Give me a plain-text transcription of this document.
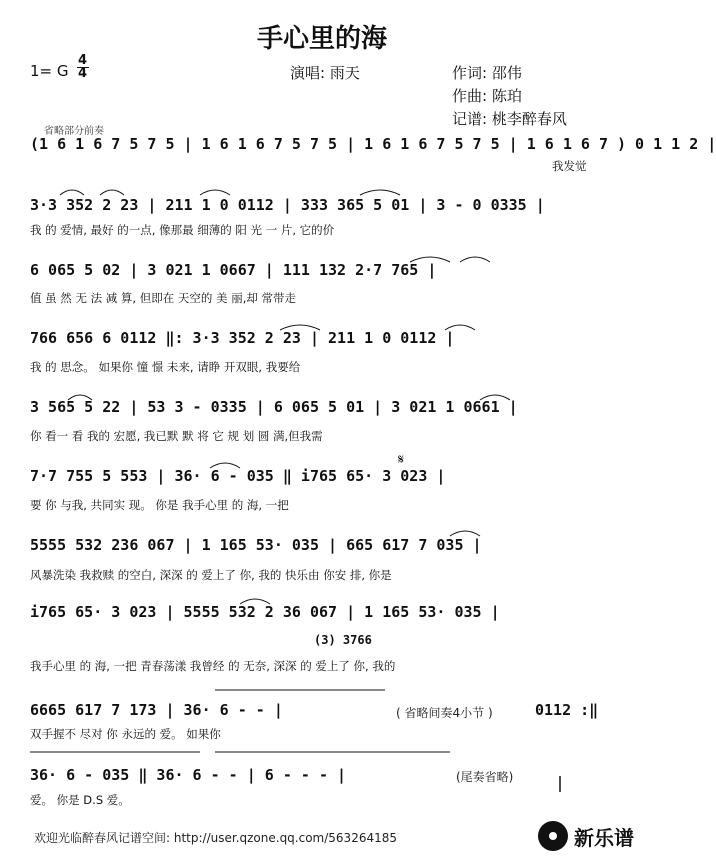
手心里的海
1= G
4
4	演唱: 雨天	作词: 邵伟
作曲: 陈珀
记谱: 桃李醉春风
省略部分前奏
(1 6 1 6 7 5 7 5 | 1 6 1 6 7 5 7 5 | 1 6 1 6 7 5 7 5 | 1 6 1 6 7 ) 0 1 1 2 |
我发觉
3·3 352 2 23 | 211 1 0 0112 | 333 365 5 01 | 3 - 0 0335 |
我 的 爱情, 最好 的一点, 像那最 细薄的 阳 光 一 片, 它的价
6 065 5 02 | 3 021 1 0667 | 111 132 2·7 765 |
值 虽 然 无 法 减 算, 但即在 天空的 美 丽,却 常带走
766 656 6 0112 ‖: 3·3 352 2 23 | 211 1 0 0112 |
我 的 思念。 如果你 憧 憬 未来, 请睁 开双眼, 我要给
3 565 5 22 | 53 3 - 0335 | 6 065 5 01 | 3 021 1 0661 |
你 看一 看 我的 宏愿, 我已默 默 将 它 规 划 圆 满,但我需
7·7 755 5 553 | 36· 6 - 035 ‖ i765 65· 3 023 |
要 你 与我, 共同实 现。 你是 我手心里 的 海, 一把
𝄋
5555 532 236 067 | 1 165 53· 035 | 665 617 7 035 |
风暴洗染 我救赎 的空白, 深深 的 爱上了 你, 我的 快乐由 你安 排, 你是
i765 65· 3 023 | 5555 532 2 36 067 | 1 165 53· 035 |
(3) 3766
我手心里 的 海, 一把 青春荡漾 我曾经 的 无奈, 深深 的 爱上了 你, 我的
6665 617 7 173 | 36· 6 - - |	( 省略间奏4小节 )	0112 :‖
双手握不 尽对 你 永远的 爱。 如果你
36· 6 - 035 ‖ 36· 6 - - | 6 - - - |	(尾奏省略)
爱。 你是 D.S 爱。
欢迎光临醉春风记谱空间: http://user.qzone.qq.com/563264185	新乐谱
